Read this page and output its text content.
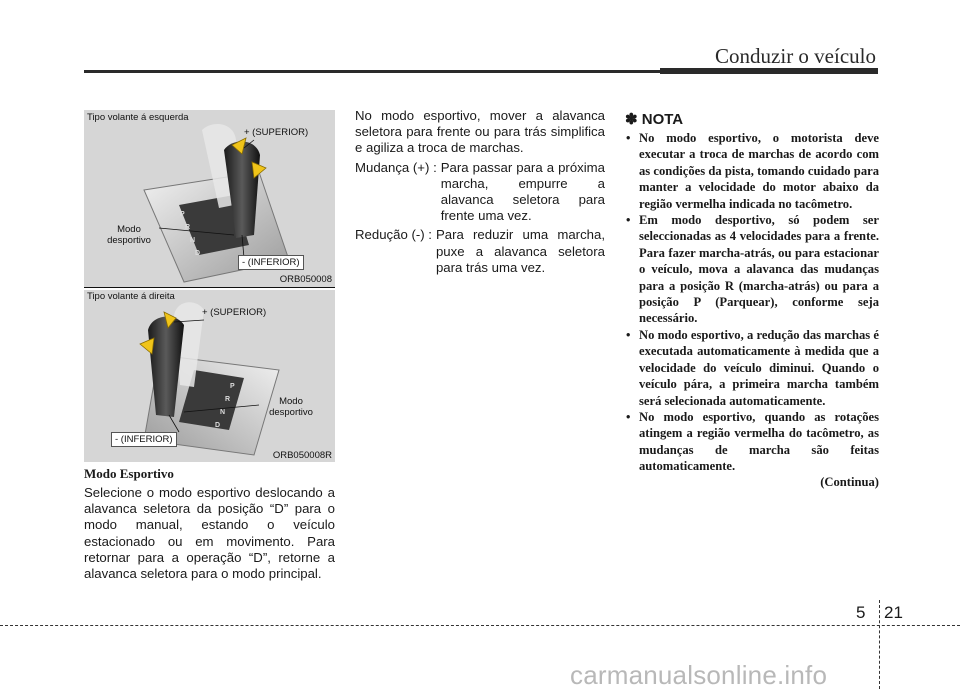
Conduzir o veículo
P
R
N
D
Tipo volante á esquerda
+ (SUPERIOR)
Modo desportivo
- (INFERIOR)
ORB050008
P
R
N
D
Tipo volante á direita
+ (SUPERIOR)
Modo desportivo
- (INFERIOR)
ORB050008R
Modo Esportivo

Selecione o modo esportivo deslocando a alavanca seletora da posição “D” para o modo manual, estando o veículo estacionado ou em movimento. Para retornar para a operação “D”, retorne a alavanca seletora para o modo principal.

No modo esportivo, mover a alavanca seletora para frente ou para trás simplifica e agiliza a troca de marchas.

Mudança (+) : Para passar para a próxima marcha, empurre a alavanca seletora para frente uma vez.
Redução (-) : Para reduzir uma marcha, puxe a alavanca seletora para trás uma vez.
✽ NOTA
• No modo esportivo, o motorista deve executar a troca de marchas de acordo com as condições da pista, tomando cuidado para manter a velocidade do motor abaixo da região vermelha indicada no tacômetro.
• Em modo desportivo, só podem ser seleccionadas as 4 velocidades para a frente. Para fazer marcha-atrás, ou para estacionar o veículo, mova a alavanca das mudanças para a posição R (marcha-atrás) ou para a posição P (Parquear), conforme seja necessário.
• No modo esportivo, a redução das marchas é executada automaticamente à medida que a velocidade do veículo diminui. Quando o veículo pára, a primeira marcha também será selecionada automaticamente.
• No modo esportivo, quando as rotações atingem a região vermelha do tacômetro, as mudanças de marcha são feitas automaticamente.
(Continua)
5 21
carmanualsonline.info
